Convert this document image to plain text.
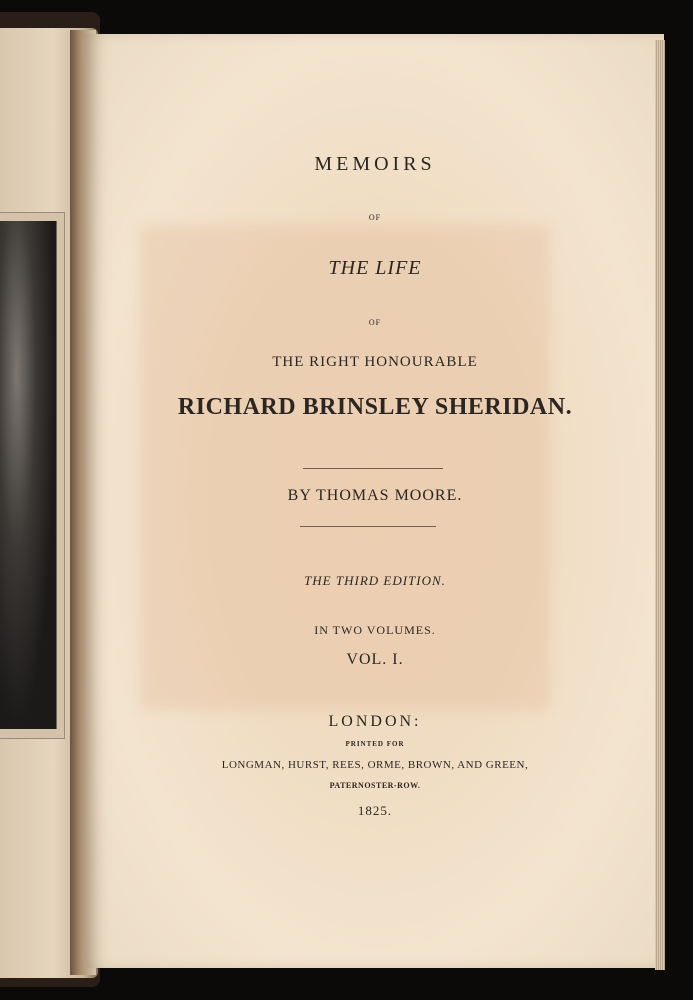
MEMOIRS
OF
THE LIFE
OF
THE RIGHT HONOURABLE
RICHARD BRINSLEY SHERIDAN.
BY THOMAS MOORE.
THE THIRD EDITION.
IN TWO VOLUMES.
VOL. I.
LONDON:
PRINTED FOR
LONGMAN, HURST, REES, ORME, BROWN, AND GREEN,
PATERNOSTER-ROW.
1825.
